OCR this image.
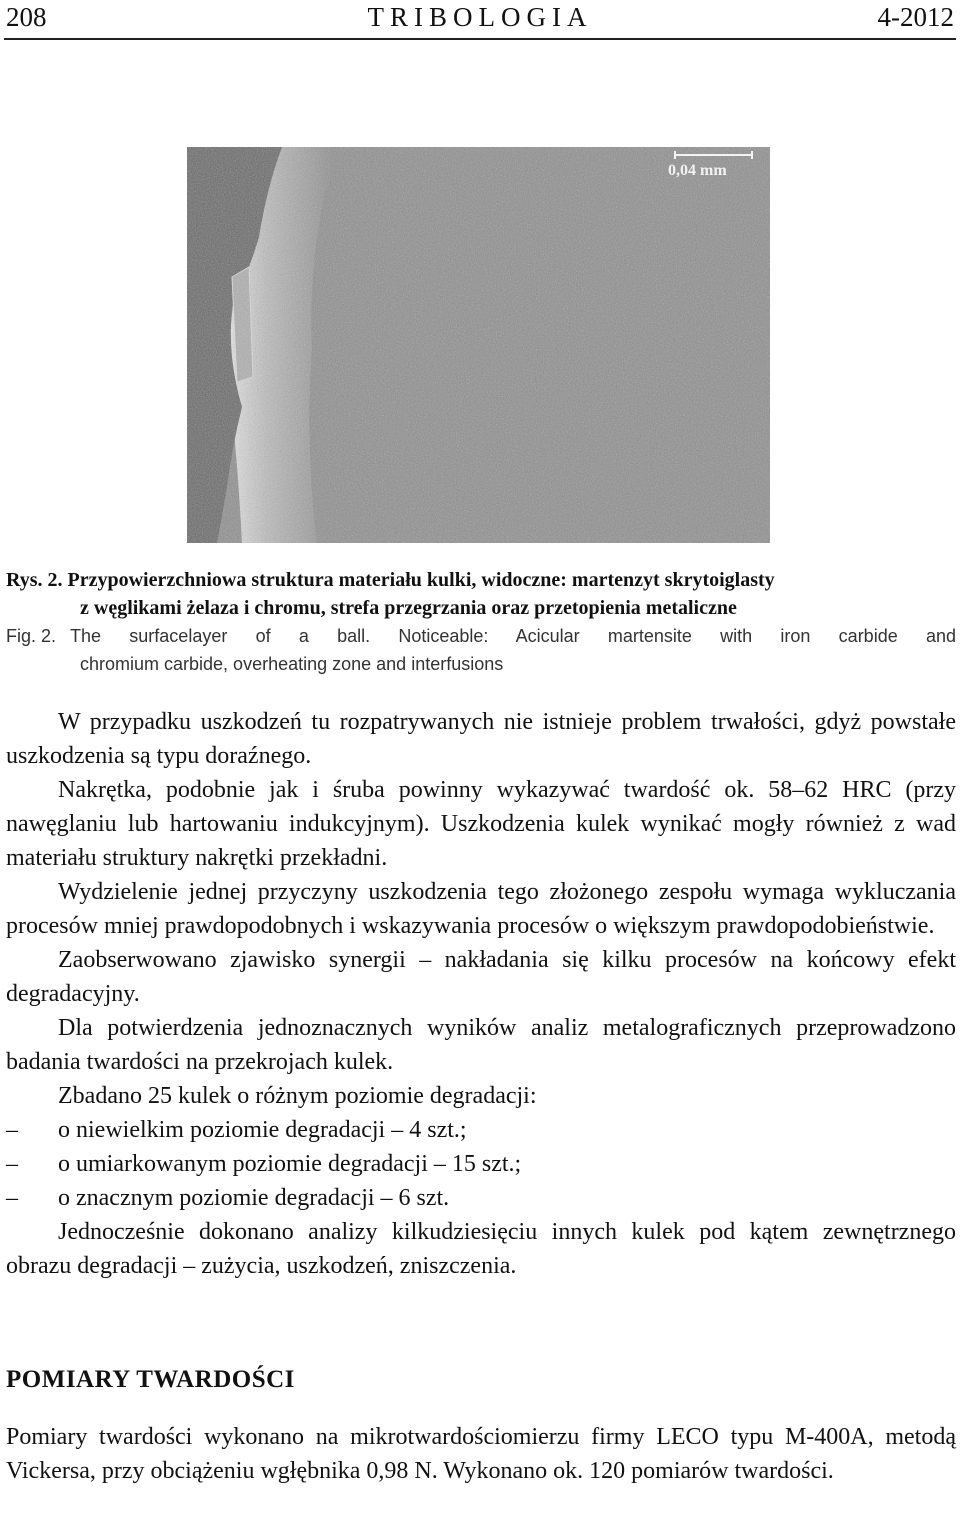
208	TRIBOLOGIA	4-2012
0,04 mm
Rys. 2. Przypowierzchniowa struktura materiału kulki, widoczne: martenzyt skrytoiglasty
z węglikami żelaza i chromu, strefa przegrzania oraz przetopienia metaliczne
Fig. 2. The surfacelayer of a ball. Noticeable: Acicular martensite with iron carbide and
chromium carbide, overheating zone and interfusions

W przypadku uszkodzeń tu rozpatrywanych nie istnieje problem trwałości, gdyż powstałe uszkodzenia są typu doraźnego.

Nakrętka, podobnie jak i śruba powinny wykazywać twardość ok. 58–62 HRC (przy nawęglaniu lub hartowaniu indukcyjnym). Uszkodzenia kulek wynikać mogły również z wad materiału struktury nakrętki przekładni.

Wydzielenie jednej przyczyny uszkodzenia tego złożonego zespołu wymaga wykluczania procesów mniej prawdopodobnych i wskazywania procesów o większym prawdopodobieństwie.

Zaobserwowano zjawisko synergii – nakładania się kilku procesów na końcowy efekt degradacyjny.

Dla potwierdzenia jednoznacznych wyników analiz metalograficznych przeprowadzono badania twardości na przekrojach kulek.

Zbadano 25 kulek o różnym poziomie degradacji:

– o niewielkim poziomie degradacji – 4 szt.;
– o umiarkowanym poziomie degradacji – 15 szt.;
– o znacznym poziomie degradacji – 6 szt.

Jednocześnie dokonano analizy kilkudziesięciu innych kulek pod kątem zewnętrznego obrazu degradacji – zużycia, uszkodzeń, zniszczenia.

POMIARY TWARDOŚCI

Pomiary twardości wykonano na mikrotwardościomierzu firmy LECO typu M-400A, metodą Vickersa, przy obciążeniu wgłębnika 0,98 N. Wykonano ok. 120 pomiarów twardości.
